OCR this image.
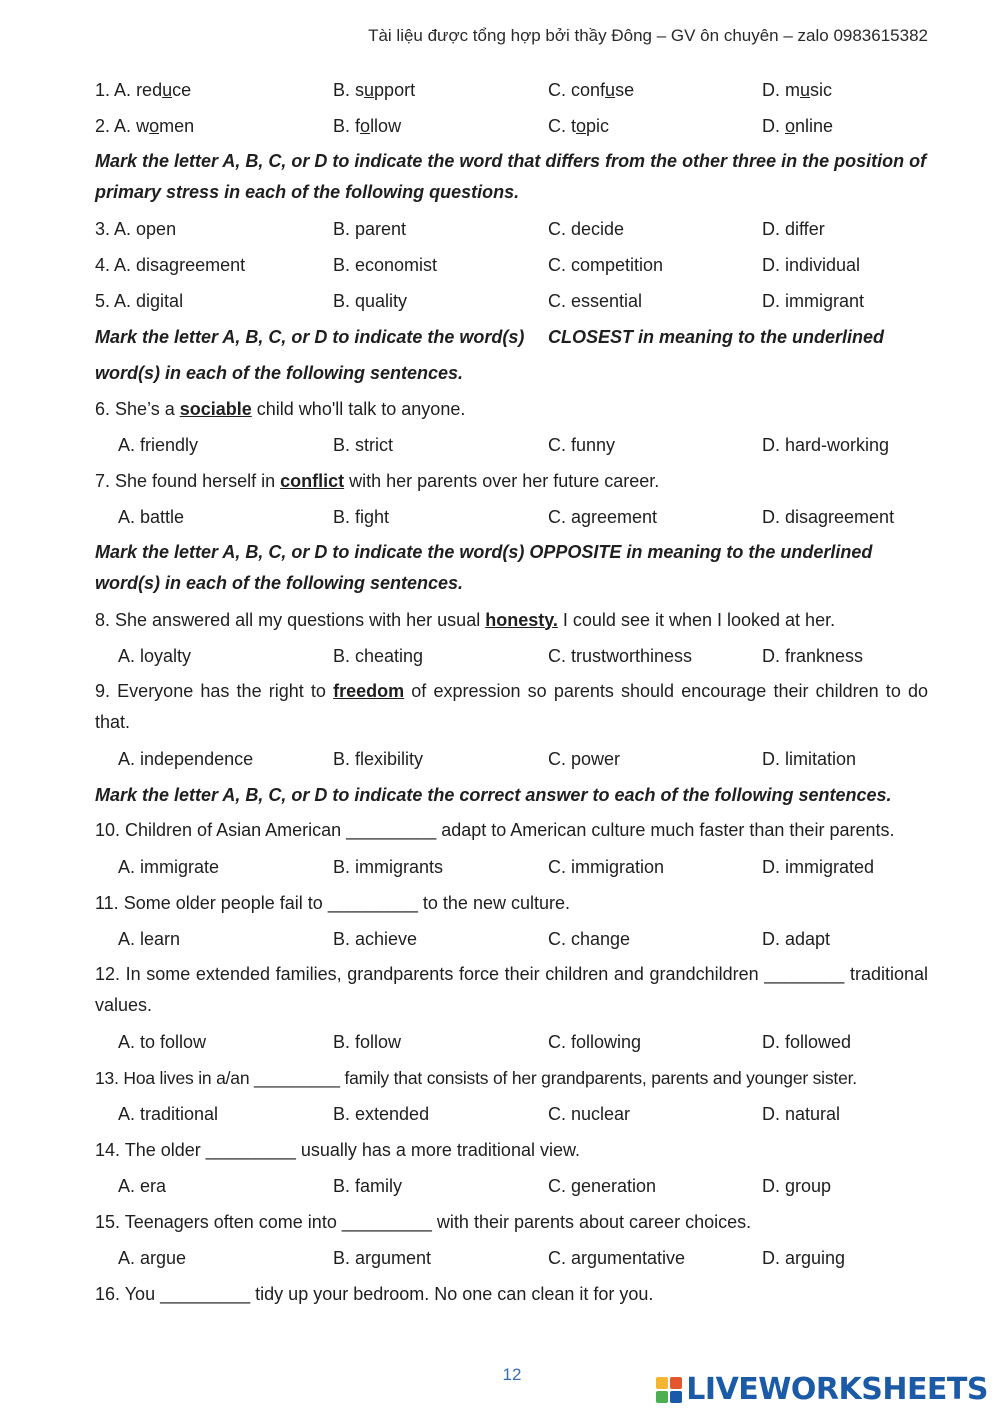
Tài liệu được tổng hợp bởi thầy Đông – GV ôn chuyên – zalo 0983615382
1. A. reduce	B. support	C. confuse	D. music
2. A. women	B. follow	C. topic	D. online
Mark the letter A, B, C, or D to indicate the word that differs from the other three in the position of primary stress in each of the following questions.
3. A. open	B. parent	C. decide	D. differ
4. A. disagreement	B. economist	C. competition	D. individual
5. A. digital	B. quality	C. essential	D. immigrant
Mark the letter A, B, C, or D to indicate the word(s)	CLOSEST in meaning to the underlined
word(s) in each of the following sentences.
6. She’s a sociable child who'll talk to anyone.
A. friendly	B. strict	C. funny	D. hard-working
7. She found herself in conflict with her parents over her future career.
A. battle	B. fight	C. agreement	D. disagreement
Mark the letter A, B, C, or D to indicate the word(s) OPPOSITE in meaning to the underlined word(s) in each of the following sentences.
8. She answered all my questions with her usual honesty. I could see it when I looked at her.
A. loyalty	B. cheating	C. trustworthiness	D. frankness
9. Everyone has the right to freedom of expression so parents should encourage their children to do that.
A. independence	B. flexibility	C. power	D. limitation
Mark the letter A, B, C, or D to indicate the correct answer to each of the following sentences.
10. Children of Asian American _________ adapt to American culture much faster than their parents.
A. immigrate	B. immigrants	C. immigration	D. immigrated
11. Some older people fail to _________ to the new culture.
A. learn	B. achieve	C. change	D. adapt
12. In some extended families, grandparents force their children and grandchildren ________ traditional values.
A. to follow	B. follow	C. following	D. followed
13. Hoa lives in a/an _________ family that consists of her grandparents, parents and younger sister.
A. traditional	B. extended	C. nuclear	D. natural
14. The older _________ usually has a more traditional view.
A. era	B. family	C. generation	D. group
15. Teenagers often come into _________ with their parents about career choices.
A. argue	B. argument	C. argumentative	D. arguing
16. You _________ tidy up your bedroom. No one can clean it for you.
12	LIVEWORKSHEETS
